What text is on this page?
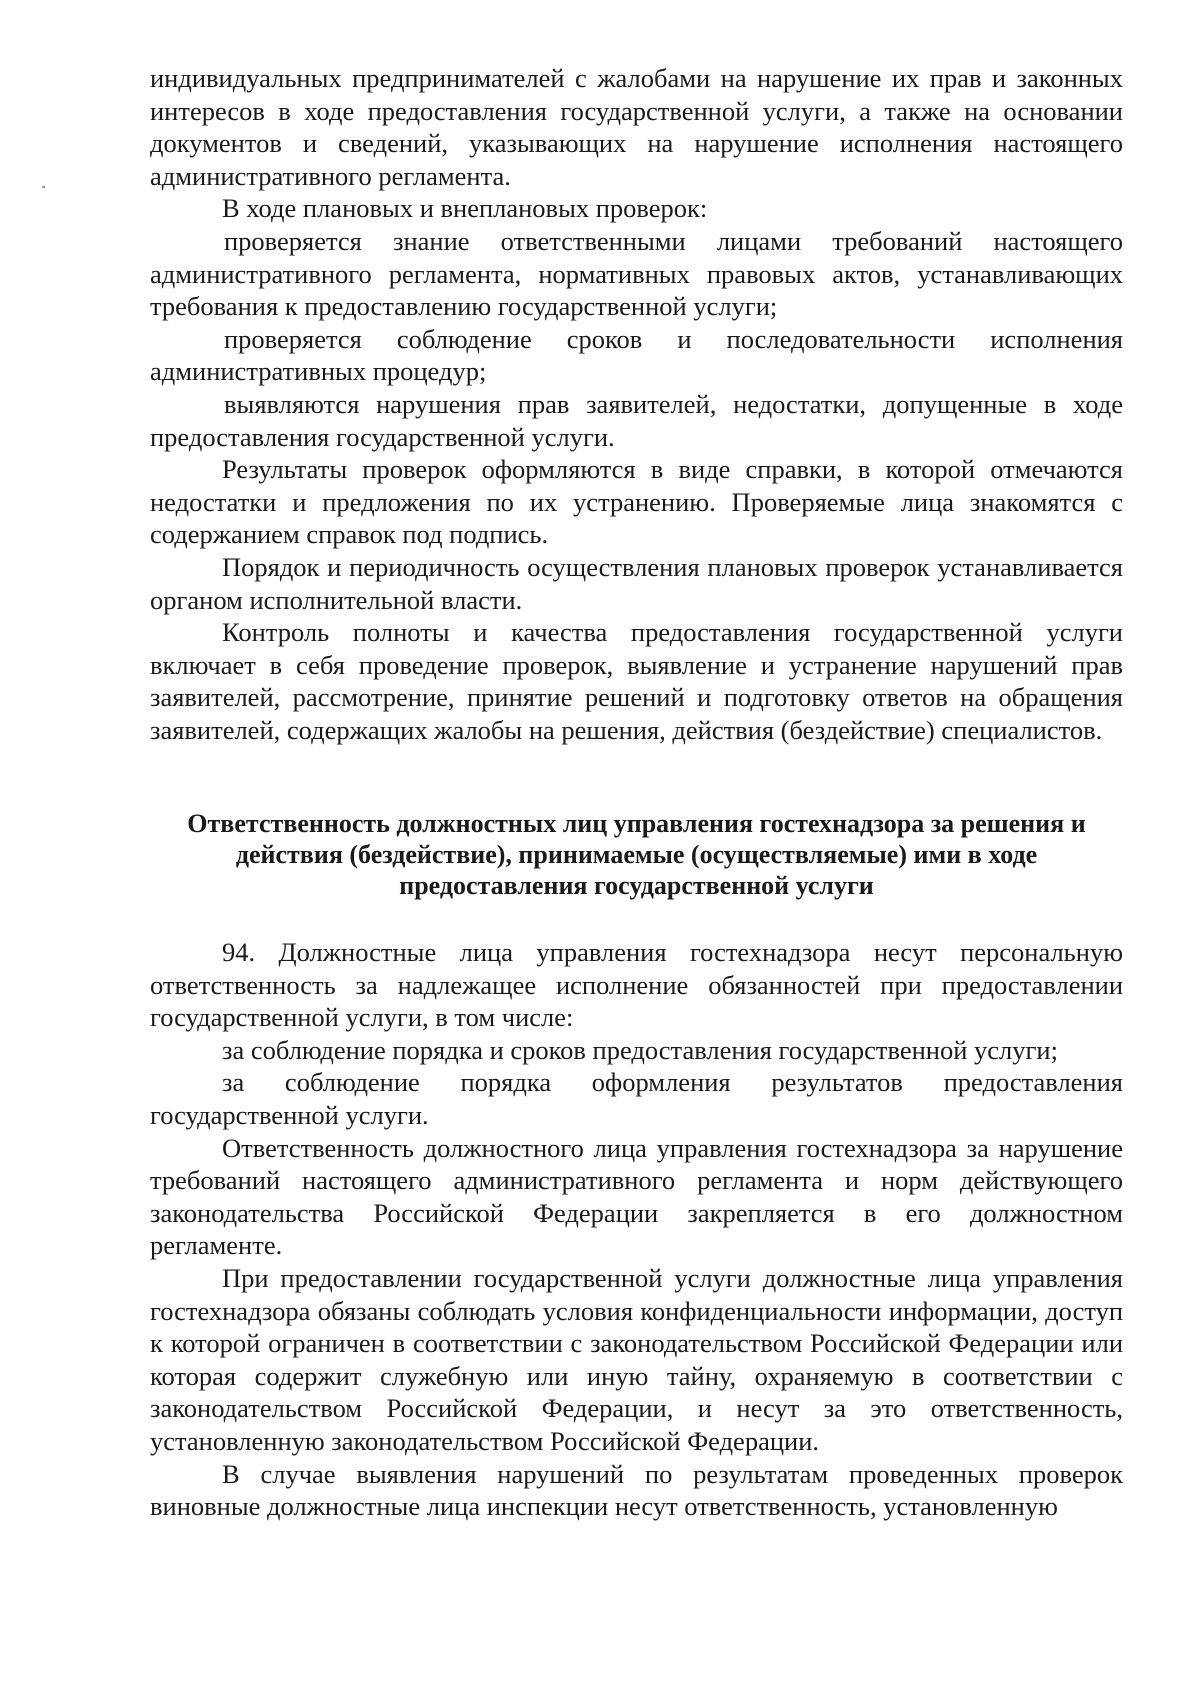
индивидуальных предпринимателей с жалобами на нарушение их прав и законных интересов в ходе предоставления государственной услуги, а также на основании документов и сведений, указывающих на нарушение исполнения настоящего административного регламента.

В ходе плановых и внеплановых проверок:

проверяется знание ответственными лицами требований настоящего административного регламента, нормативных правовых актов, устанавливающих требования к предоставлению государственной услуги;

проверяется соблюдение сроков и последовательности исполнения административных процедур;

выявляются нарушения прав заявителей, недостатки, допущенные в ходе предоставления государственной услуги.

Результаты проверок оформляются в виде справки, в которой отмечаются недостатки и предложения по их устранению. Проверяемые лица знакомятся с содержанием справок под подпись.

Порядок и периодичность осуществления плановых проверок устанавливается органом исполнительной власти.

Контроль полноты и качества предоставления государственной услуги включает в себя проведение проверок, выявление и устранение нарушений прав заявителей, рассмотрение, принятие решений и подготовку ответов на обращения заявителей, содержащих жалобы на решения, действия (бездействие) специалистов.

Ответственность должностных лиц управления гостехнадзора за решения и действия (бездействие), принимаемые (осуществляемые) ими в ходе предоставления государственной услуги

94. Должностные лица управления гостехнадзора несут персональную ответственность за надлежащее исполнение обязанностей при предоставлении государственной услуги, в том числе:

за соблюдение порядка и сроков предоставления государственной услуги;

за соблюдение порядка оформления результатов предоставления государственной услуги.

Ответственность должностного лица управления гостехнадзора за нарушение требований настоящего административного регламента и норм действующего законодательства Российской Федерации закрепляется в его должностном регламенте.

При предоставлении государственной услуги должностные лица управления гостехнадзора обязаны соблюдать условия конфиденциальности информации, доступ к которой ограничен в соответствии с законодательством Российской Федерации или которая содержит служебную или иную тайну, охраняемую в соответствии с законодательством Российской Федерации, и несут за это ответственность, установленную законодательством Российской Федерации.

В случае выявления нарушений по результатам проведенных проверок виновные должностные лица инспекции несут ответственность, установленную
